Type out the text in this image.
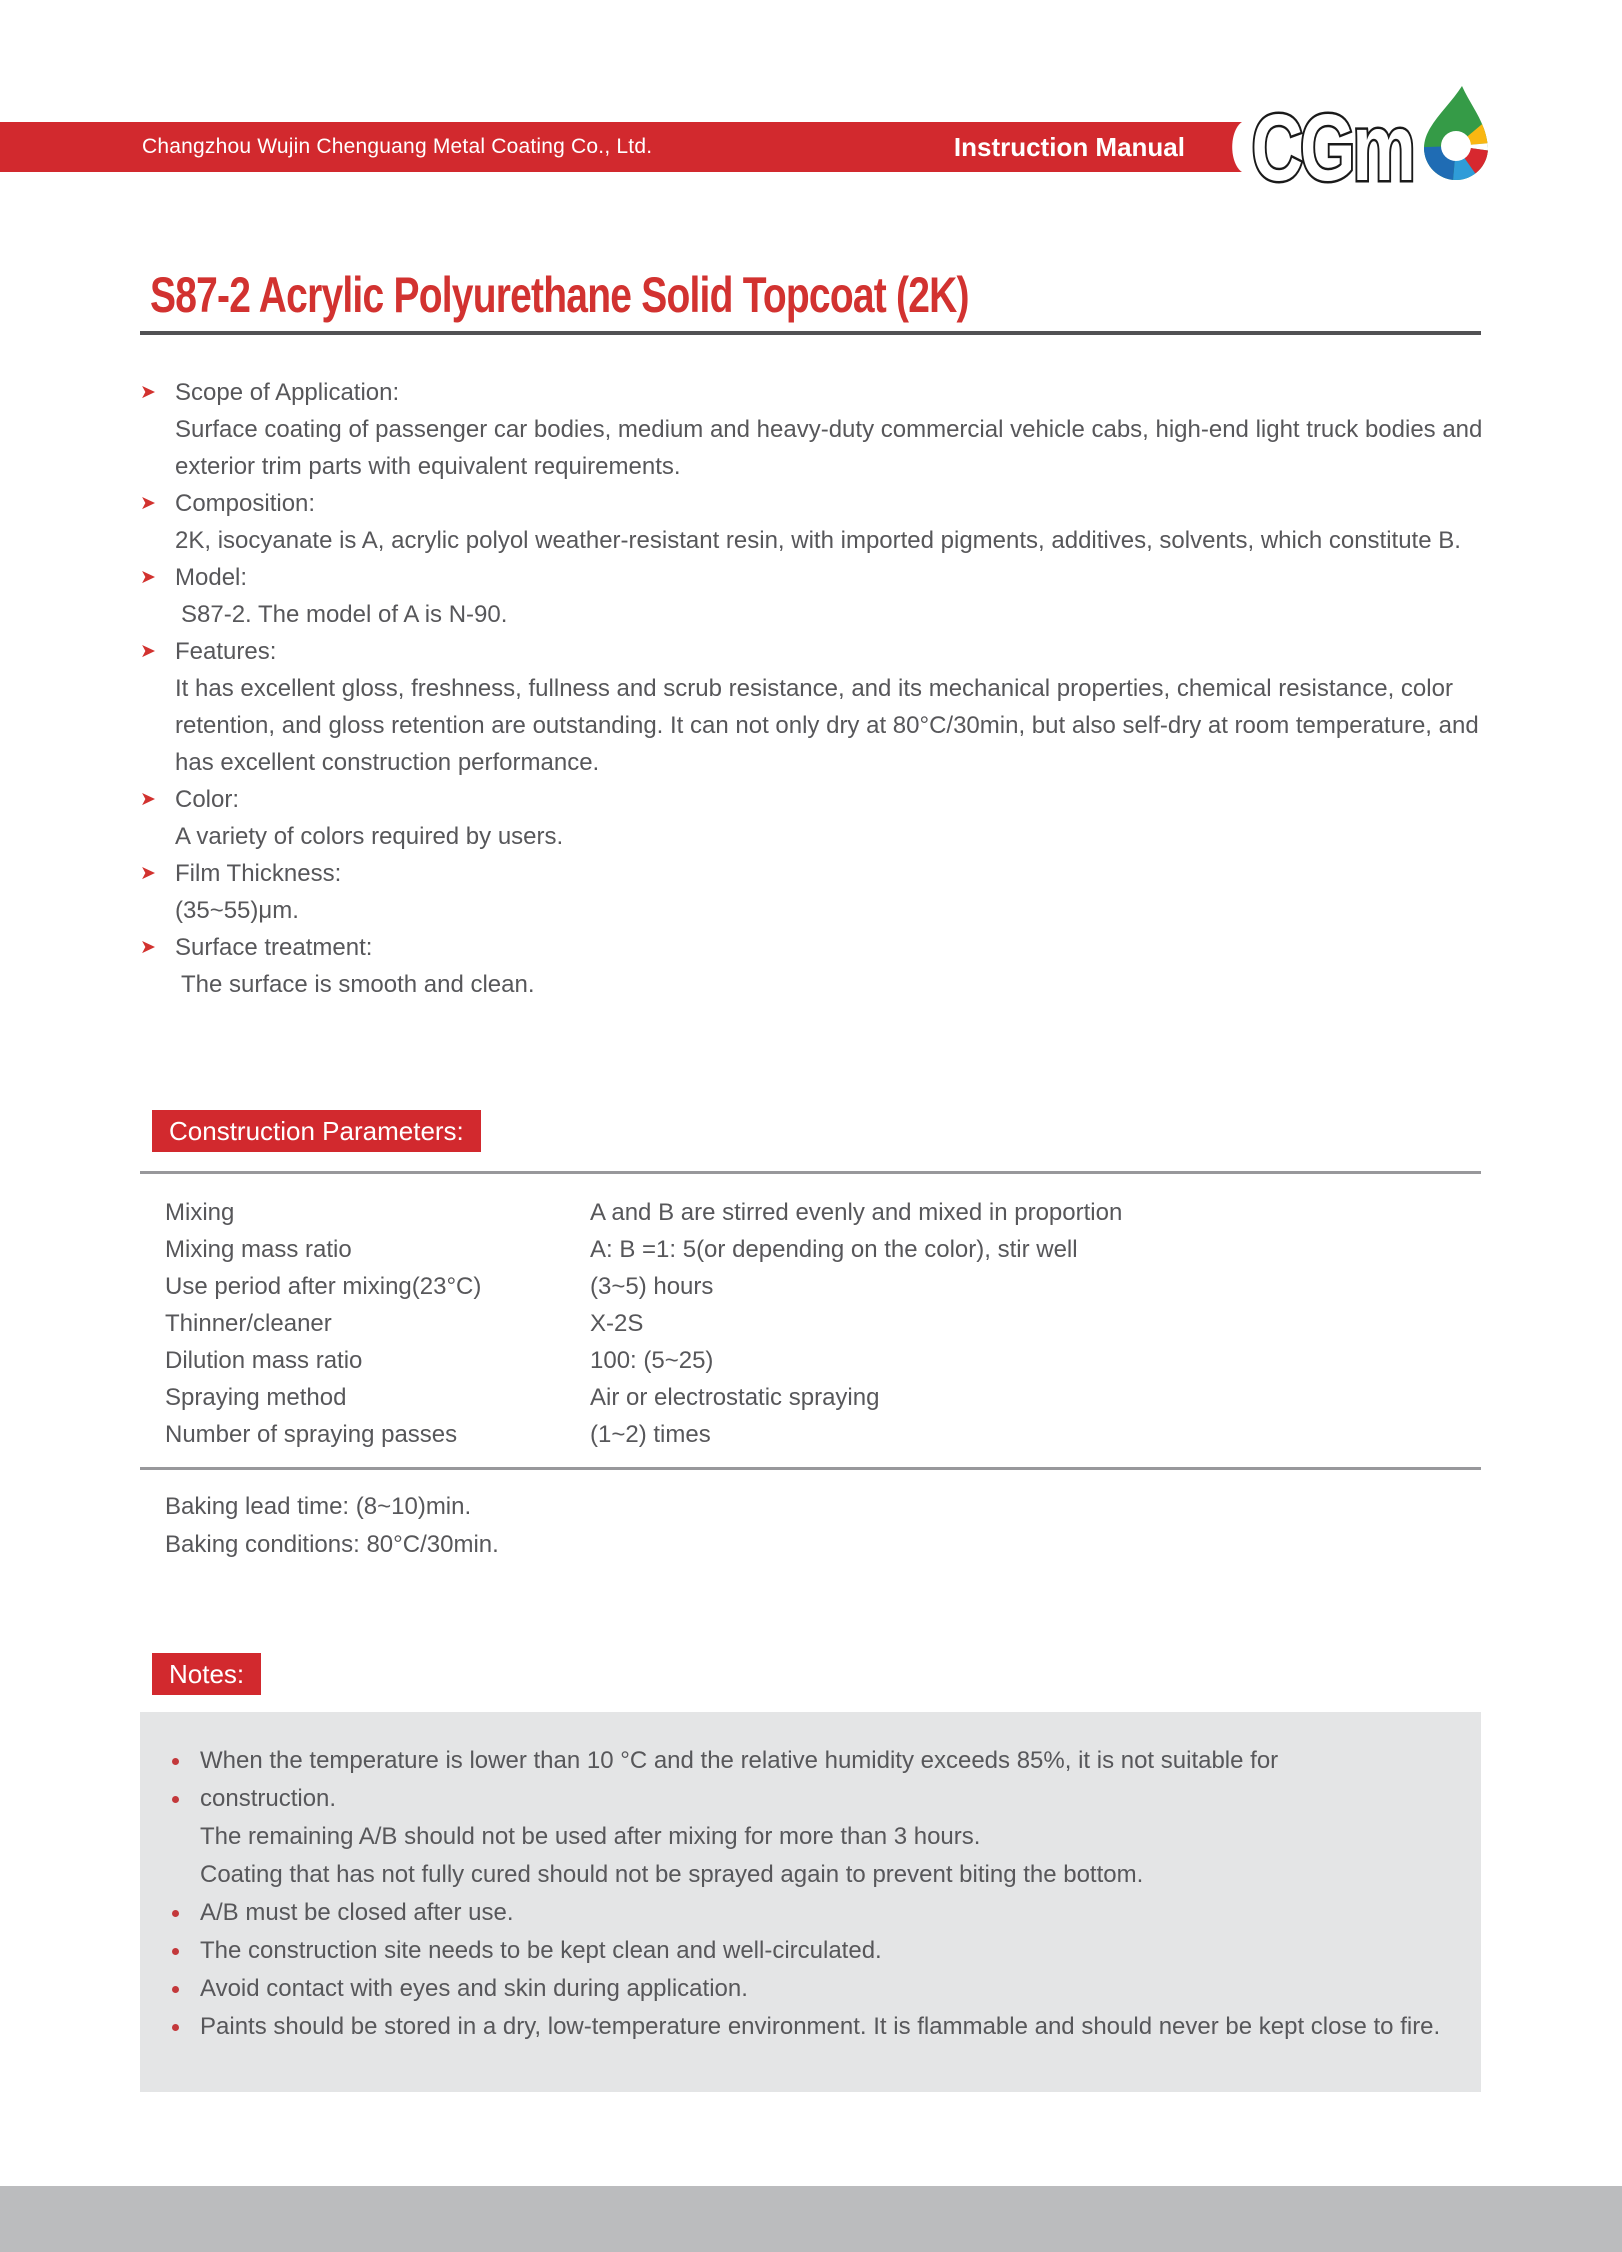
Changzhou Wujin Chenguang Metal Coating Co., Ltd.	Instruction Manual CGm
S87-2 Acrylic Polyurethane Solid Topcoat (2K)
➤ Scope of Application:
Surface coating of passenger car bodies, medium and heavy-duty commercial vehicle cabs, high-end light truck bodies and exterior trim parts with equivalent requirements.
➤ Composition:
2K, isocyanate is A, acrylic polyol weather-resistant resin, with imported pigments, additives, solvents, which constitute B.
➤ Model:
S87-2. The model of A is N-90.
➤ Features:
It has excellent gloss, freshness, fullness and scrub resistance, and its mechanical properties, chemical resistance, color retention, and gloss retention are outstanding. It can not only dry at 80°C/30min, but also self-dry at room temperature, and has excellent construction performance.
➤ Color:
A variety of colors required by users.
➤ Film Thickness:
(35~55)μm.
➤ Surface treatment:
The surface is smooth and clean.
Construction Parameters:
Mixing	A and B are stirred evenly and mixed in proportion
Mixing mass ratio	A: B =1: 5(or depending on the color), stir well
Use period after mixing(23°C)	(3~5) hours
Thinner/cleaner	X-2S
Dilution mass ratio	100: (5~25)
Spraying method	Air or electrostatic spraying
Number of spraying passes	(1~2) times
Baking lead time: (8~10)min.
Baking conditions: 80°C/30min.
Notes:
When the temperature is lower than 10 °C and the relative humidity exceeds 85%, it is not suitable for
construction.
The remaining A/B should not be used after mixing for more than 3 hours.
Coating that has not fully cured should not be sprayed again to prevent biting the bottom.
A/B must be closed after use.
The construction site needs to be kept clean and well-circulated.
Avoid contact with eyes and skin during application.
Paints should be stored in a dry, low-temperature environment. It is flammable and should never be kept close to fire.
